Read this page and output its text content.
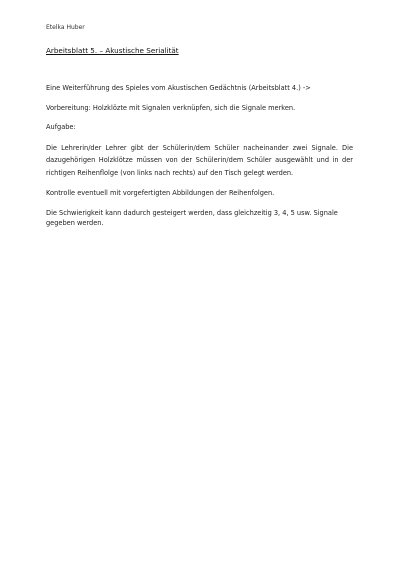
Etelka Huber
Arbeitsblatt 5. – Akustische Serialität

Eine Weiterführung des Spieles vom Akustischen Gedächtnis (Arbeitsblatt 4.) ->

Vorbereitung: Holzklözte mit Signalen verknüpfen, sich die Signale merken.

Aufgabe:

Die Lehrerin/der Lehrer gibt der Schülerin/dem Schüler nacheinander zwei Signale. Die dazugehörigen Holzklötze müssen von der Schülerin/dem Schüler ausgewählt und in der richtigen Reihenflolge (von links nach rechts) auf den Tisch gelegt werden.

Kontrolle eventuell mit vorgefertigten Abbildungen der Reihenfolgen.

Die Schwierigkeit kann dadurch gesteigert werden, dass gleichzeitig 3, 4, 5 usw. Signale gegeben werden.
